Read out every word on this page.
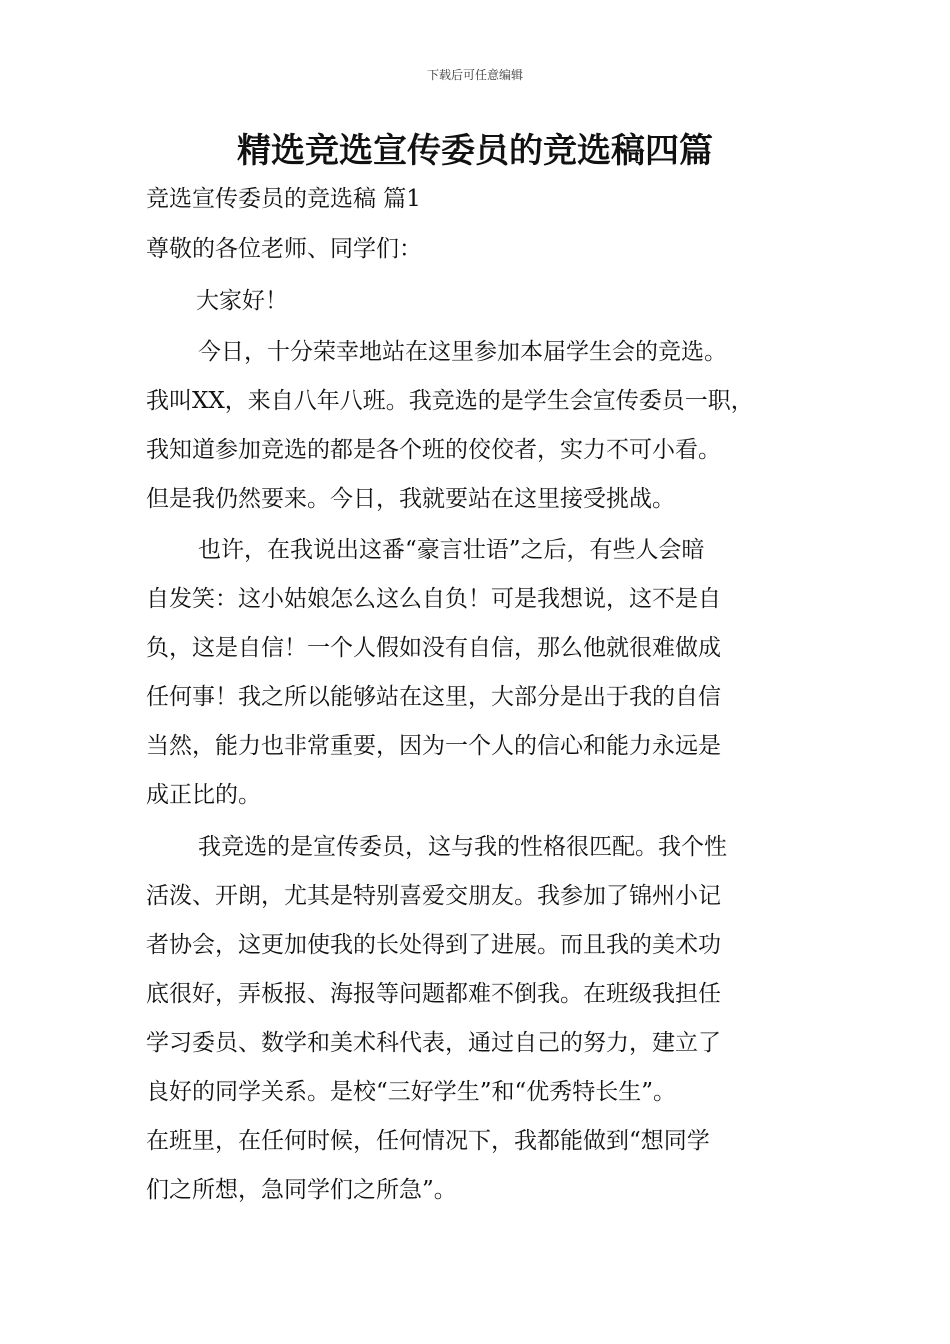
下载后可任意编辑
精选竞选宣传委员的竞选稿四篇
竞选宣传委员的竞选稿 篇1
尊敬的各位老师、同学们：
大家好！
今日，十分荣幸地站在这里参加本届学生会的竞选。
我叫XX，来自八年八班。我竞选的是学生会宣传委员一职，
我知道参加竞选的都是各个班的佼佼者，实力不可小看。
但是我仍然要来。今日，我就要站在这里接受挑战。
也许，在我说出这番“豪言壮语”之后，有些人会暗
自发笑：这小姑娘怎么这么自负！可是我想说，这不是自
负，这是自信！一个人假如没有自信，那么他就很难做成
任何事！我之所以能够站在这里，大部分是出于我的自信
当然，能力也非常重要，因为一个人的信心和能力永远是
成正比的。
我竞选的是宣传委员，这与我的性格很匹配。我个性
活泼、开朗，尤其是特别喜爱交朋友。我参加了锦州小记
者协会，这更加使我的长处得到了进展。而且我的美术功
底很好，弄板报、海报等问题都难不倒我。在班级我担任
学习委员、数学和美术科代表，通过自己的努力，建立了
良好的同学关系。是校“三好学生”和“优秀特长生”。
在班里，在任何时候，任何情况下，我都能做到“想同学
们之所想，急同学们之所急”。
